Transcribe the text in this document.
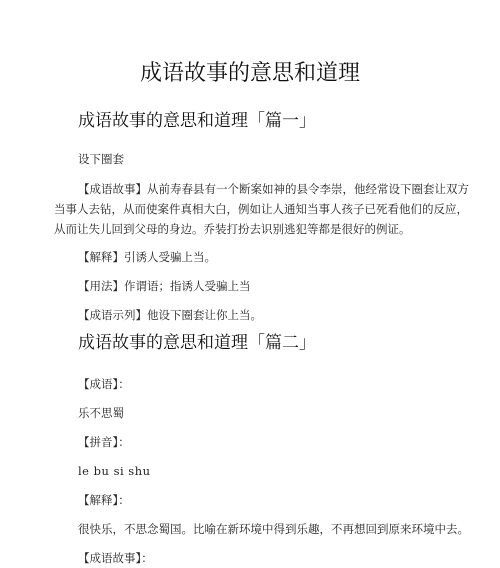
成语故事的意思和道理
成语故事的意思和道理「篇一」
设下圈套
【成语故事】从前寿春县有一个断案如神的县令李崇，他经常设下圈套让双方
当事人去钻，从而使案件真相大白，例如让人通知当事人孩子已死看他们的反应，
从而让失儿回到父母的身边。乔装打扮去识别逃犯等都是很好的例证。
【解释】引诱人受骗上当。
【用法】作谓语；指诱人受骗上当
【成语示列】他设下圈套让你上当。
成语故事的意思和道理「篇二」
【成语】：
乐不思蜀
【拼音】：
le bu si shu
【解释】：
很快乐，不思念蜀国。比喻在新环境中得到乐趣，不再想回到原来环境中去。
【成语故事】：
